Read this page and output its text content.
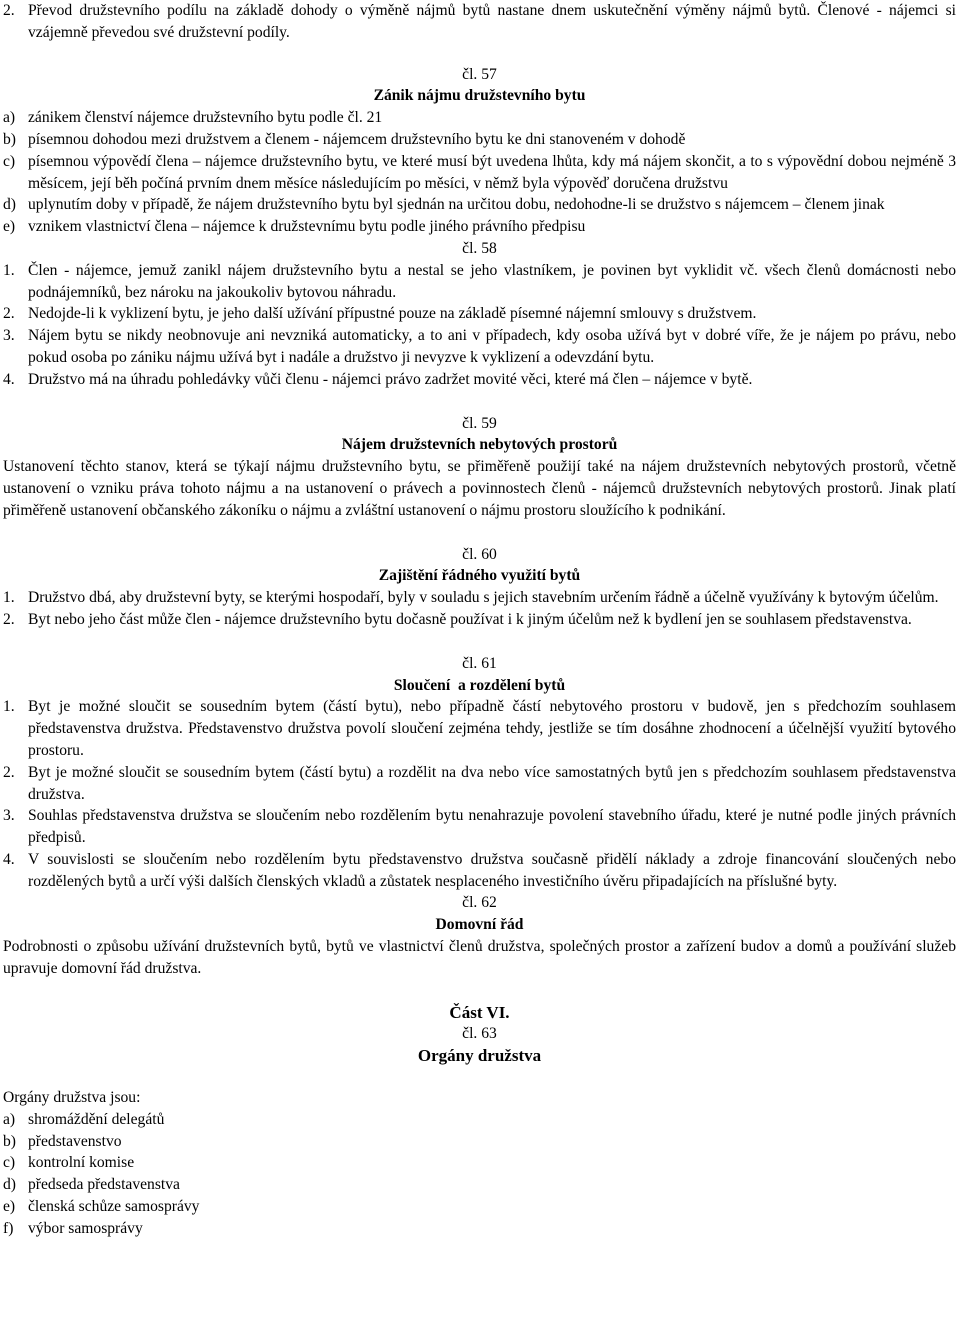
2. Převod družstevního podílu na základě dohody o výměně nájmů bytů nastane dnem uskutečnění výměny nájmů bytů. Členové - nájemci si vzájemně převedou své družstevní podíly.
čl. 57
Zánik nájmu družstevního bytu
a) zánikem členství nájemce družstevního bytu podle čl. 21
b) písemnou dohodou mezi družstvem a členem - nájemcem družstevního bytu ke dni stanoveném v dohodě
c) písemnou výpovědí člena – nájemce družstevního bytu, ve které musí být uvedena lhůta, kdy má nájem skončit, a to s výpovědní dobou nejméně 3 měsícem, její běh počíná prvním dnem měsíce následujícím po měsíci, v němž byla výpověď doručena družstvu
d) uplynutím doby v případě, že nájem družstevního bytu byl sjednán na určitou dobu, nedohodne-li se družstvo s nájemcem – členem jinak
e) vznikem vlastnictví člena – nájemce k družstevnímu bytu podle jiného právního předpisu
čl. 58
1. Člen - nájemce, jemuž zanikl nájem družstevního bytu a nestal se jeho vlastníkem, je povinen byt vyklidit vč. všech členů domácnosti nebo podnájemníků, bez nároku na jakoukoliv bytovou náhradu.
2. Nedojde-li k vyklizení bytu, je jeho další užívání přípustné pouze na základě písemné nájemní smlouvy s družstvem.
3. Nájem bytu se nikdy neobnovuje ani nevzniká automaticky, a to ani v případech, kdy osoba užívá byt v dobré víře, že je nájem po právu, nebo pokud osoba po zániku nájmu užívá byt i nadále a družstvo ji nevyzve k vyklizení a odevzdání bytu.
4. Družstvo má na úhradu pohledávky vůči členu - nájemci právo zadržet movité věci, které má člen – nájemce v bytě.
čl. 59
Nájem družstevních nebytových prostorů
Ustanovení těchto stanov, která se týkají nájmu družstevního bytu, se přiměřeně použijí také na nájem družstevních nebytových prostorů, včetně ustanovení o vzniku práva tohoto nájmu a na ustanovení o právech a povinnostech členů - nájemců družstevních nebytových prostorů. Jinak platí přiměřeně ustanovení občanského zákoníku o nájmu a zvláštní ustanovení o nájmu prostoru sloužícího k podnikání.
čl. 60
Zajištění řádného využití bytů
1. Družstvo dbá, aby družstevní byty, se kterými hospodaří, byly v souladu s jejich stavebním určením řádně a účelně využívány k bytovým účelům.
2. Byt nebo jeho část může člen - nájemce družstevního bytu dočasně používat i k jiným účelům než k bydlení jen se souhlasem představenstva.
čl. 61
Sloučení  a rozdělení bytů
1. Byt je možné sloučit se sousedním bytem (částí bytu), nebo případně částí nebytového prostoru v budově, jen s předchozím souhlasem představenstva družstva. Představenstvo družstva povolí sloučení zejména tehdy, jestliže se tím dosáhne zhodnocení a účelnější využití bytového prostoru.
2. Byt je možné sloučit se sousedním bytem (částí bytu) a rozdělit na dva nebo více samostatných bytů jen s předchozím souhlasem představenstva družstva.
3. Souhlas představenstva družstva se sloučením nebo rozdělením bytu nenahrazuje povolení stavebního úřadu, které je nutné podle jiných právních předpisů.
4. V souvislosti se sloučením nebo rozdělením bytu představenstvo družstva současně přidělí náklady a zdroje financování sloučených nebo rozdělených bytů a určí výši dalších členských vkladů a zůstatek nesplaceného investičního úvěru připadajících na příslušné byty.
čl. 62
Domovní řád
Podrobnosti o způsobu užívání družstevních bytů, bytů ve vlastnictví členů družstva, společných prostor a zařízení budov a domů a používání služeb upravuje domovní řád družstva.
Část VI.
čl. 63
Orgány družstva
Orgány družstva jsou:
a) shromáždění delegátů
b) představenstvo
c) kontrolní komise
d) předseda představenstva
e) členská schůze samosprávy
f) výbor samosprávy
